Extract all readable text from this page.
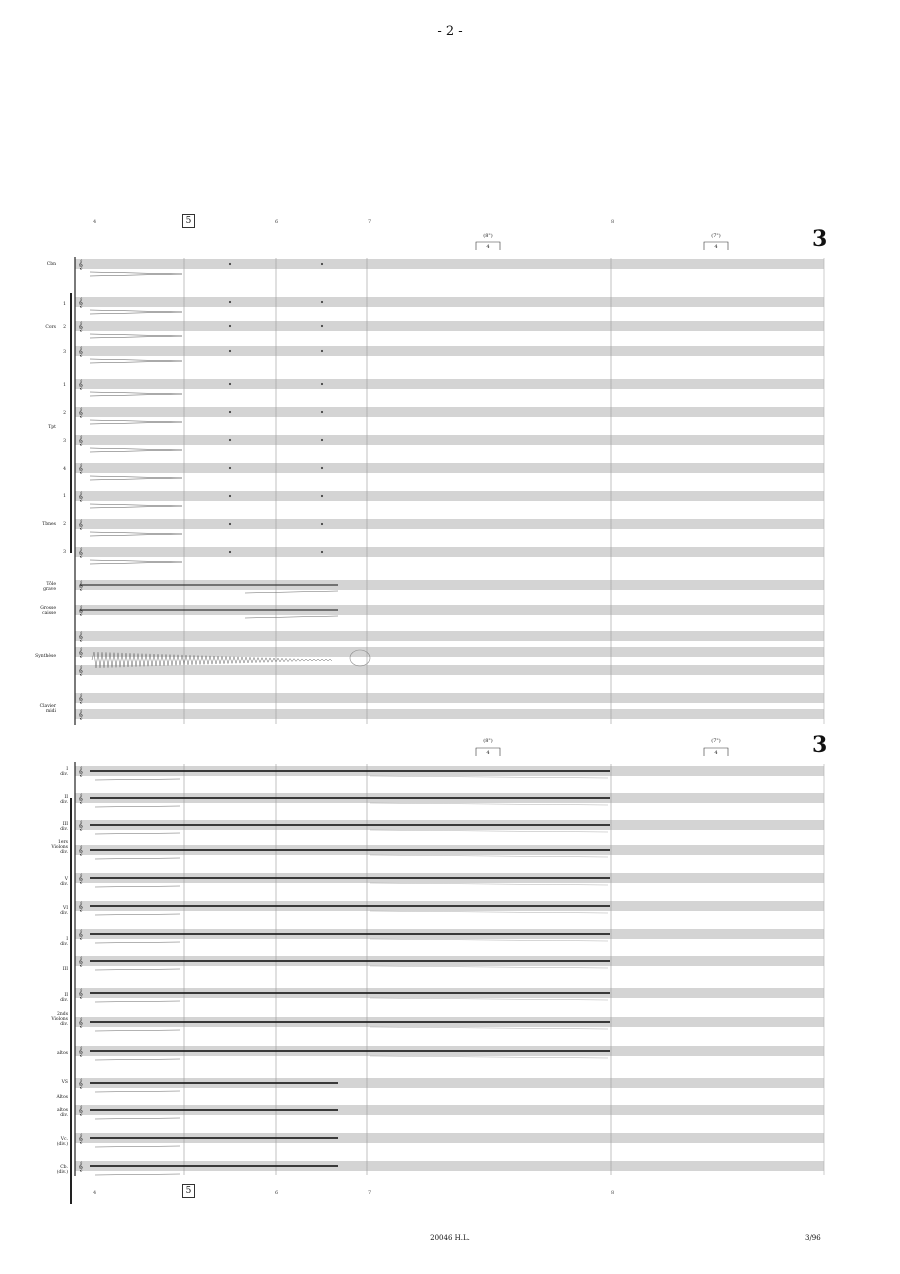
- 2 -
𝄞
𝄞
𝄞
𝄞
𝄞
𝄞
𝄞
𝄞
𝄞
𝄞
𝄞
𝄞
𝄞
𝄞
𝄞
𝄞
𝄞
𝄞
𝄞
𝄞
𝄞
𝄞
𝄞
𝄞
𝄞
𝄞
𝄞
𝄞
𝄞
𝄞
𝄞
𝄞
𝄞
4	5	6	7	8
(8")
4
(7")
4	3
(8")
4
(7")
4	3
Cbn
Cors
1
2
3
Tpt
1
2
3
4
Tbnes
1
2
3
Tôle
grave
Grosse
caisse
Synthèse
Clavier
midi
I
div.
II
div.
III
div.
1ers
Violons
div.
V
div.
VI
div.
I
div.
III
II
div.
2nds
Violons
div.
altos
VS
Altos
altos
div.
Vc.
(div.)
Cb.
(div.)
4	5	6	7	8
20046 H.L.	3/96
